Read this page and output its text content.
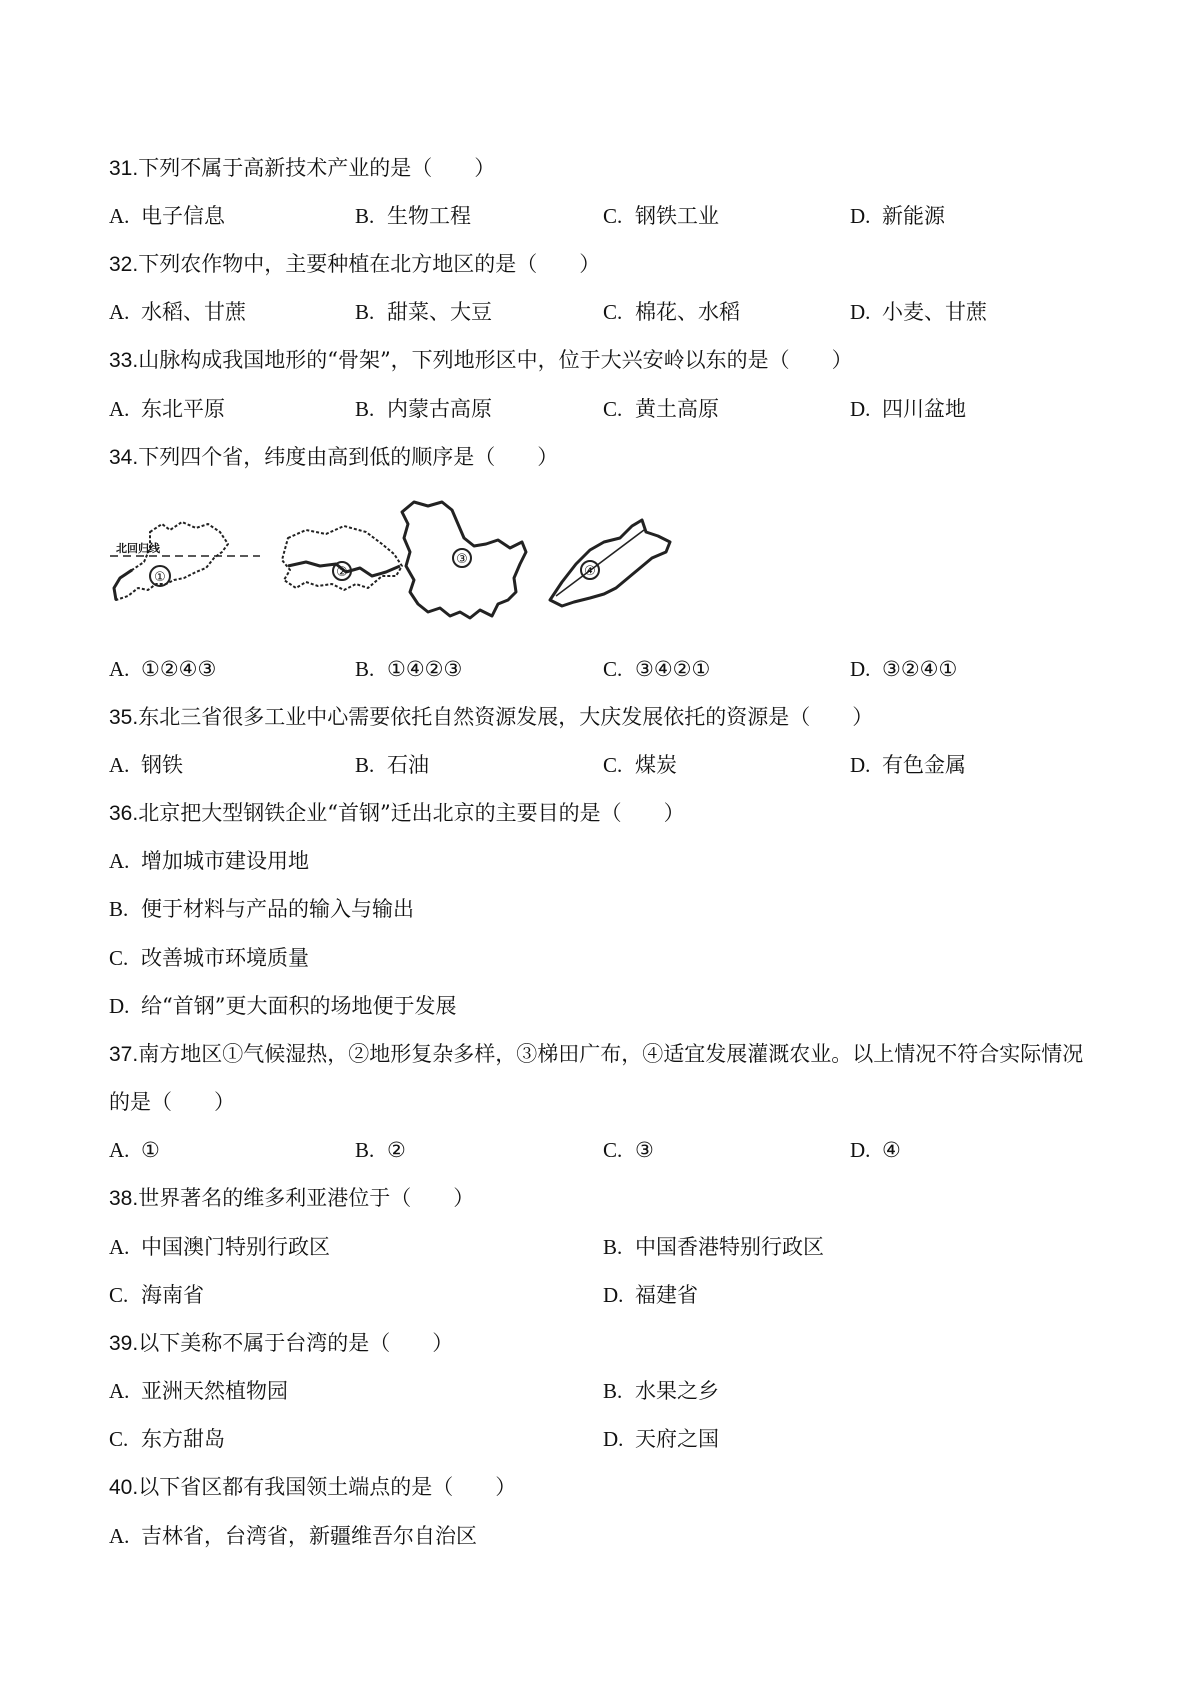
31.下列不属于高新技术产业的是（　　）
A. 电子信息	B. 生物工程	C. 钢铁工业	D. 新能源
32.下列农作物中，主要种植在北方地区的是（　　）
A. 水稻、甘蔗	B. 甜菜、大豆	C. 棉花、水稻	D. 小麦、甘蔗
33.山脉构成我国地形的“骨架”，下列地形区中，位于大兴安岭以东的是（　　）
A. 东北平原	B. 内蒙古高原	C. 黄土高原	D. 四川盆地
34.下列四个省，纬度由高到低的顺序是（　　）
①	②
③
④
北回归线
A. ①②④③	B. ①④②③	C. ③④②①	D. ③②④①
35.东北三省很多工业中心需要依托自然资源发展，大庆发展依托的资源是（　　）
A. 钢铁	B. 石油	C. 煤炭	D. 有色金属
36.北京把大型钢铁企业“首钢”迁出北京的主要目的是（　　）
A. 增加城市建设用地
B. 便于材料与产品的输入与输出
C. 改善城市环境质量
D. 给“首钢”更大面积的场地便于发展
37.南方地区①气候湿热，②地形复杂多样，③梯田广布，④适宜发展灌溉农业。以上情况不符合实际情况
的是（　　）
A. ①	B. ②	C. ③	D. ④
38.世界著名的维多利亚港位于（　　）
A. 中国澳门特别行政区	B. 中国香港特别行政区
C. 海南省	D. 福建省
39.以下美称不属于台湾的是（　　）
A. 亚洲天然植物园	B. 水果之乡
C. 东方甜岛	D. 天府之国
40.以下省区都有我国领土端点的是（　　）
A. 吉林省，台湾省，新疆维吾尔自治区
